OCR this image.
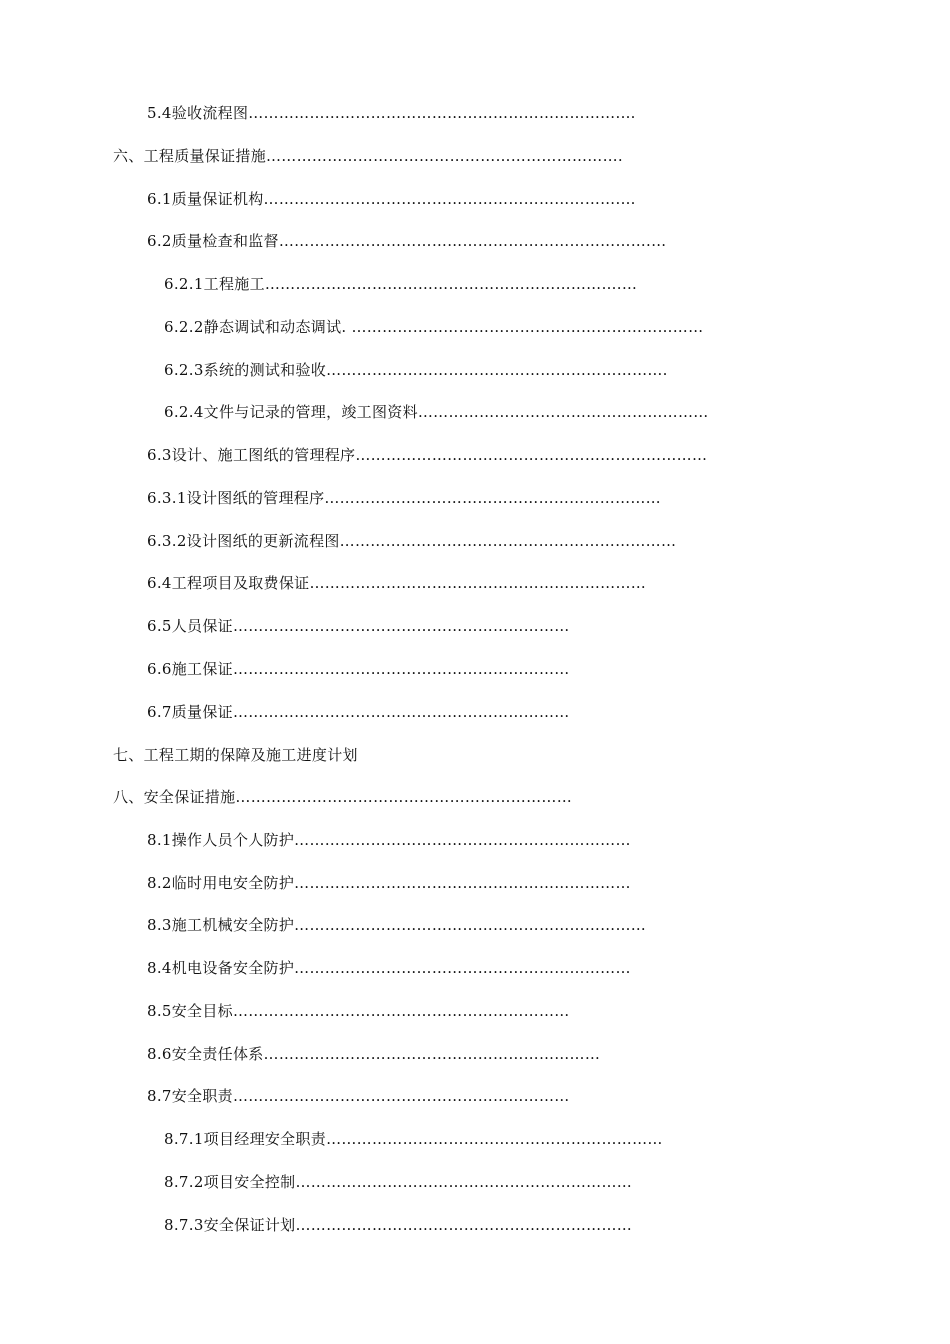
5.4验收流程图……………………………………………………………….…
六、工程质量保证措施…………………………………………………………….
6.1质量保证机构…………………………………………………………….…
6.2质量检查和监督……………………………………………………………….…
6.2.1工程施工…………………………………………………………….…
6.2.2静态调试和动态调试. ……………………………………………………………
6.2.3系统的测试和验收………………………………………………………….
6.2.4文件与记录的管理，竣工图资料…………………………………………………
6.3设计、施工图纸的管理程序……………………………………………………………
6.3.1设计图纸的管理程序…………………………………………………………
6.3.2设计图纸的更新流程图…………………………………………………………
6.4工程项目及取费保证…………………………………………………………
6.5人员保证…………………………………………………………
6.6施工保证…………………………………………………………
6.7质量保证…………………………………………………………
七、工程工期的保障及施工进度计划
八、安全保证措施…………………………………………………………
8.1操作人员个人防护…………………………………………………………
8.2临时用电安全防护…………………………………………………………
8.3施工机械安全防护……………………………………………………………
8.4机电设备安全防护…………………………………………………………
8.5安全目标…………………………………………………………
8.6安全责任体系…………………………………………………………
8.7安全职责…………………………………………………………
8.7.1项目经理安全职责…………………………………………………………
8.7.2项目安全控制…………………………………………………………
8.7.3安全保证计划…………………………………………………………
